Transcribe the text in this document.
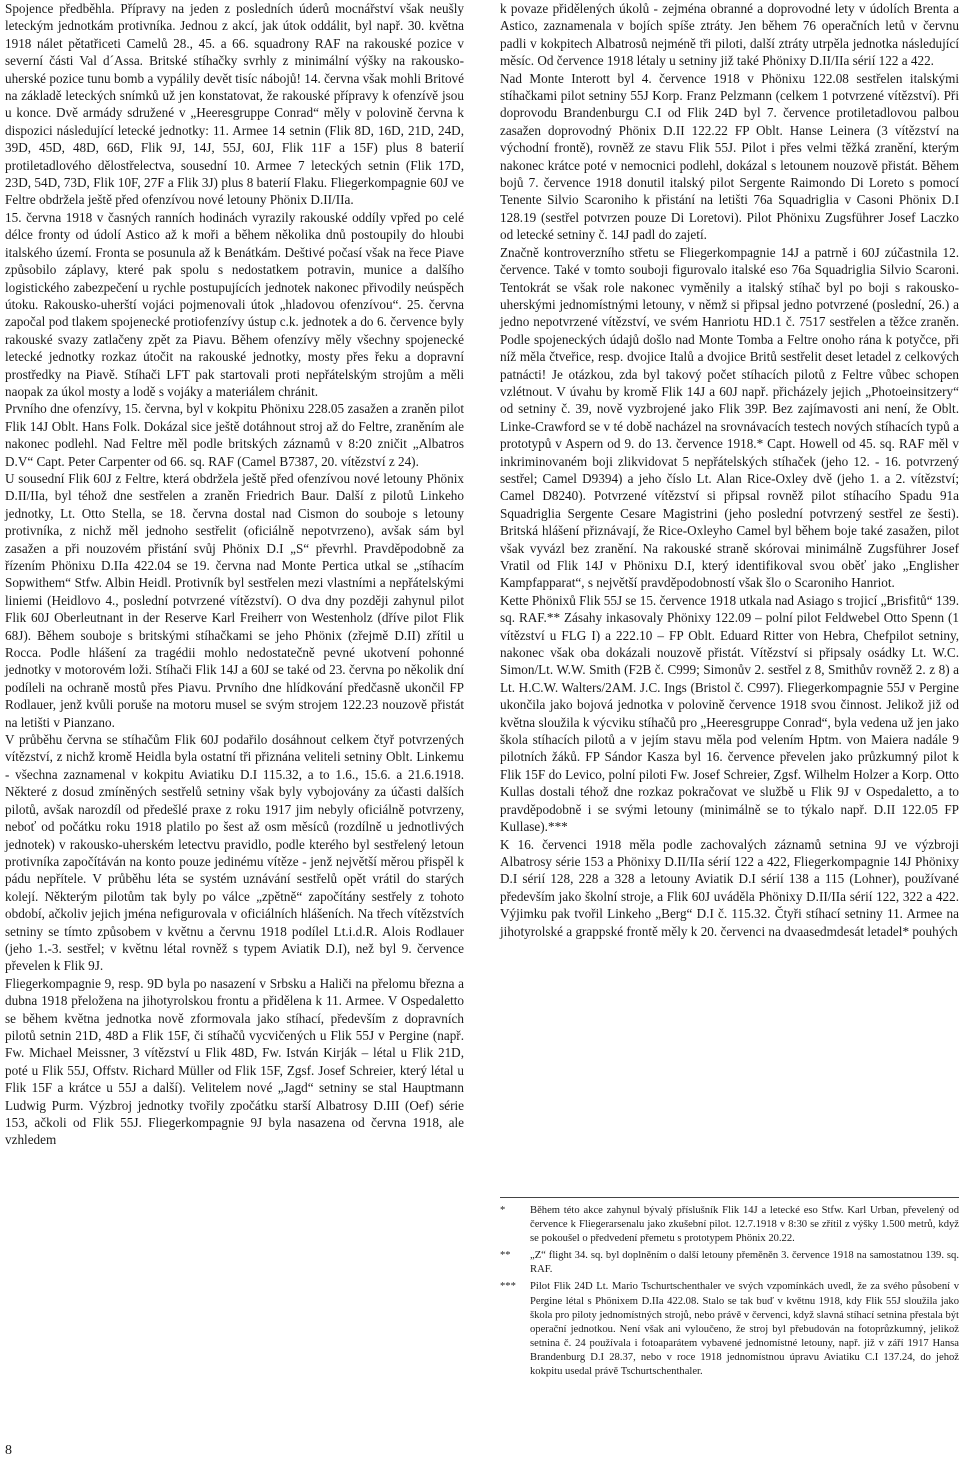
Spojence předběhla. Přípravy na jeden z posledních úderů mocnářství však neušly leteckým jednotkám protivníka. Jednou z akcí, jak útok oddálit, byl např. 30. května 1918 nálet pětatřiceti Camelů 28., 45. a 66. squadrony RAF na rakouské pozice v severní části Val d´Assa. Britské stíhačky svrhly z minimální výšky na rakousko-uherské pozice tunu bomb a vypálily devět tisíc nábojů! 14. června však mohli Britové na základě leteckých snímků už jen konstatovat, že rakouské přípravy k ofenzívě jsou u konce. Dvě armády sdružené v „Heeresgruppe Conrad“ měly v polovině června k dispozici následující letecké jednotky: 11. Armee 14 setnin (Flik 8D, 16D, 21D, 24D, 39D, 45D, 48D, 66D, Flik 9J, 14J, 55J, 60J, Flik 11F a 15F) plus 8 baterií protiletadlového dělostřelectva, sousední 10. Armee 7 leteckých setnin (Flik 17D, 23D, 54D, 73D, Flik 10F, 27F a Flik 3J) plus 8 baterií Flaku. Fliegerkompagnie 60J ve Feltre obdržela ještě před ofenzívou nové letouny Phönix D.II/IIa.

15. června 1918 v časných ranních hodinách vyrazily rakouské oddíly vpřed po celé délce fronty od údolí Astico až k moři a během několika dnů postoupily do hloubi italského území. Fronta se posunula až k Benátkám. Deštivé počasí však na řece Piave způsobilo záplavy, které pak spolu s nedostatkem potravin, munice a dalšího logistického zabezpečení u rychle postupujících jednotek nakonec přivodily neúspěch útoku. Rakousko-uherští vojáci pojmenovali útok „hladovou ofenzívou“. 25. června započal pod tlakem spojenecké protiofenzívy ústup c.k. jednotek a do 6. července byly rakouské svazy zatlačeny zpět za Piavu. Během ofenzívy měly všechny spojenecké letecké jednotky rozkaz útočit na rakouské jednotky, mosty přes řeku a dopravní prostředky na Piavě. Stíhači LFT pak startovali proti nepřátelským strojům a měli naopak za úkol mosty a lodě s vojáky a materiálem chránit.

Prvního dne ofenzívy, 15. června, byl v kokpitu Phönixu 228.05 zasažen a zraněn pilot Flik 14J Oblt. Hans Folk. Dokázal sice ještě dotáhnout stroj až do Feltre, zraněním ale nakonec podlehl. Nad Feltre měl podle britských záznamů v 8:20 zničit „Albatros D.V“ Capt. Peter Carpenter od 66. sq. RAF (Camel B7387, 20. vítězství z 24).

U sousední Flik 60J z Feltre, která obdržela ještě před ofenzívou nové letouny Phönix D.II/IIa, byl téhož dne sestřelen a zraněn Friedrich Baur. Další z pilotů Linkeho jednotky, Lt. Otto Stella, se 18. června dostal nad Cismon do souboje s letouny protivníka, z nichž měl jednoho sestřelit (oficiálně nepotvrzeno), avšak sám byl zasažen a při nouzovém přistání svůj Phönix D.I „S“ převrhl. Pravděpodobně za řízením Phönixu D.IIa 422.04 se 19. června nad Monte Pertica utkal se „stíhacím Sopwithem“ Stfw. Albin Heidl. Protivník byl sestřelen mezi vlastními a nepřátelskými liniemi (Heidlovo 4., poslední potvrzené vítězství). O dva dny později zahynul pilot Flik 60J Oberleutnant in der Reserve Karl Freiherr von Westenholz (dříve pilot Flik 68J). Během souboje s britskými stíhačkami se jeho Phönix (zřejmě D.II) zřítil u Rocca. Podle hlášení za tragédii mohlo nedostatečně pevné ukotvení pohonné jednotky v motorovém loži. Stíhači Flik 14J a 60J se také od 23. června po několik dní podíleli na ochraně mostů přes Piavu. Prvního dne hlídkování předčasně ukončil FP Rodlauer, jenž kvůli poruše na motoru musel se svým strojem 122.23 nouzově přistát na letišti v Pianzano.

V průběhu června se stíhačům Flik 60J podařilo dosáhnout celkem čtyř potvrzených vítězství, z nichž kromě Heidla byla ostatní tři přiznána veliteli setniny Oblt. Linkemu - všechna zaznamenal v kokpitu Aviatiku D.I 115.32, a to 1.6., 15.6. a 21.6.1918. Některé z dosud zmíněných sestřelů setniny však byly vybojovány za účasti dalších pilotů, avšak narozdíl od předešlé praxe z roku 1917 jim nebyly oficiálně potvrzeny, neboť od počátku roku 1918 platilo po šest až osm měsíců (rozdílně u jednotlivých jednotek) v rakousko-uherském letectvu pravidlo, podle kterého byl sestřelený letoun protivníka započítáván na konto pouze jedinému vítěze - jenž největší měrou přispěl k pádu nepřítele. V průběhu léta se systém uznávání sestřelů opět vrátil do starých kolejí. Některým pilotům tak byly po válce „zpětně“ započítány sestřely z tohoto období, ačkoliv jejich jména nefigurovala v oficiálních hlášeních. Na třech vítězstvích setniny se tímto způsobem v květnu a červnu 1918 podílel Lt.i.d.R. Alois Rodlauer (jeho 1.-3. sestřel; v květnu létal rovněž s typem Aviatik D.I), než byl 9. července převelen k Flik 9J.

Fliegerkompagnie 9, resp. 9D byla po nasazení v Srbsku a Haliči na přelomu března a dubna 1918 přeložena na jihotyrolskou frontu a přidělena k 11. Armee. V Ospedaletto se během května jednotka nově zformovala jako stíhací, především z dopravních pilotů setnin 21D, 48D a Flik 15F, či stíhačů vycvičených u Flik 55J v Pergine (např. Fw. Michael Meissner, 3 vítězství u Flik 48D, Fw. István Kirják – létal u Flik 21D, poté u Flik 55J, Offstv. Richard Müller od Flik 15F, Zgsf. Josef Schreier, který létal u Flik 15F a krátce u 55J a další). Velitelem nové „Jagd“ setniny se stal Hauptmann Ludwig Purm. Výzbroj jednotky tvořily zpočátku starší Albatrosy D.III (Oef) série 153, ačkoli od Flik 55J. Fliegerkompagnie 9J byla nasazena od června 1918, ale vzhledem

k povaze přidělených úkolů - zejména obranné a doprovodné lety v údolích Brenta a Astico, zaznamenala v bojích spíše ztráty. Jen během 76 operačních letů v červnu padli v kokpitech Albatrosů nejméně tři piloti, další ztráty utrpěla jednotka následující měsíc. Od července 1918 létaly u setniny již také Phönixy D.II/IIa sérií 122 a 422.

Nad Monte Interott byl 4. července 1918 v Phönixu 122.08 sestřelen italskými stíhačkami pilot setniny 55J Korp. Franz Pelzmann (celkem 1 potvrzené vítězství). Při doprovodu Brandenburgu C.I od Flik 24D byl 7. července protiletadlovou palbou zasažen doprovodný Phönix D.II 122.22 FP Oblt. Hanse Leinera (3 vítězství na východní frontě), rovněž ze stavu Flik 55J. Pilot i přes velmi těžká zranění, kterým nakonec krátce poté v nemocnici podlehl, dokázal s letounem nouzově přistát. Během bojů 7. července 1918 donutil italský pilot Sergente Raimondo Di Loreto s pomocí Tenente Silvio Scaroniho k přistání na letišti 76a Squadriglia v Casoni Phönix D.I 128.19 (sestřel potvrzen pouze Di Loretovi). Pilot Phönixu Zugsführer Josef Laczko od letecké setniny č. 14J padl do zajetí.

Značně kontroverzního střetu se Fliegerkompagnie 14J a patrně i 60J zúčastnila 12. července. Také v tomto souboji figurovalo italské eso 76a Squadriglia Silvio Scaroni. Tentokrát se však role nakonec vyměnily a italský stíhač byl po boji s rakousko-uherskými jednomístnými letouny, v němž si připsal jedno potvrzené (poslední, 26.) a jedno nepotvrzené vítězství, ve svém Hanriotu HD.1 č. 7517 sestřelen a těžce zraněn. Podle spojeneckých údajů došlo nad Monte Tomba a Feltre onoho rána k potyčce, při níž měla čtveřice, resp. dvojice Italů a dvojice Britů sestřelit deset letadel z celkových patnácti! Je otázkou, zda byl takový počet stíhacích pilotů z Feltre vůbec schopen vzlétnout. V úvahu by kromě Flik 14J a 60J např. přicházely jejich „Photoeinsitzery“ od setniny č. 39, nově vyzbrojené jako Flik 39P. Bez zajímavosti ani není, že Oblt. Linke-Crawford se v té době nacházel na srovnávacích testech nových stíhacích typů a prototypů v Aspern od 9. do 13. července 1918.* Capt. Howell od 45. sq. RAF měl v inkriminovaném boji zlikvidovat 5 nepřátelských stíhaček (jeho 12. - 16. potvrzený sestřel; Camel D9394) a jeho číslo Lt. Alan Rice-Oxley dvě (jeho 1. a 2. vítězství; Camel D8240). Potvrzené vítězství si připsal rovněž pilot stíhacího Spadu 91a Squadriglia Sergente Cesare Magistrini (jeho poslední potvrzený sestřel ze šesti). Britská hlášení přiznávají, že Rice-Oxleyho Camel byl během boje také zasažen, pilot však vyvázl bez zranění. Na rakouské straně skórovai minimálně Zugsführer Josef Vratil od Flik 14J v Phönixu D.I, který identifikoval svou oběť jako „Englisher Kampfapparat“, s největší pravděpodobností však šlo o Scaroniho Hanriot.

Kette Phönixů Flik 55J se 15. července 1918 utkala nad Asiago s trojicí „Brisfitů“ 139. sq. RAF.** Zásahy inkasovaly Phönixy 122.09 – polní pilot Feldwebel Otto Spenn (1 vítězství u FLG I) a 222.10 – FP Oblt. Eduard Ritter von Hebra, Chefpilot setniny, nakonec však oba dokázali nouzově přistát. Vítězství si připsaly osádky Lt. W.C. Simon/Lt. W.W. Smith (F2B č. C999; Simonův 2. sestřel z 8, Smithův rovněž 2. z 8) a Lt. H.C.W. Walters/2AM. J.C. Ings (Bristol č. C997). Fliegerkompagnie 55J v Pergine ukončila jako bojová jednotka v polovině července 1918 svou činnost. Jelikož již od května sloužila k výcviku stíhačů pro „Heeresgruppe Conrad“, byla vedena už jen jako škola stíhacích pilotů a v jejím stavu měla pod velením Hptm. von Maiera nadále 9 pilotních žáků. FP Sándor Kasza byl 16. července převelen jako průzkumný pilot k Flik 15F do Levico, polní piloti Fw. Josef Schreier, Zgsf. Wilhelm Holzer a Korp. Otto Kullas dostali téhož dne rozkaz pokračovat ve službě u Flik 9J v Ospedaletto, a to pravděpodobně i se svými letouny (minimálně se to týkalo např. D.II 122.05 FP Kullase).***

K 16. červenci 1918 měla podle zachovalých záznamů setnina 9J ve výzbroji Albatrosy série 153 a Phönixy D.II/IIa sérií 122 a 422, Fliegerkompagnie 14J Phönixy D.I sérií 128, 228 a 328 a letouny Aviatik D.I sérií 138 a 115 (Lohner), používané především jako školní stroje, a Flik 60J uváděla Phönixy D.II/IIa sérií 122, 322 a 422. Výjimku pak tvořil Linkeho „Berg“ D.I č. 115.32. Čtyři stíhací setniny 11. Armee na jihotyrolské a grappské frontě měly k 20. červenci na dvaasedmdesát letadel* pouhých

*	Během této akce zahynul bývalý příslušník Flik 14J a letecké eso Stfw. Karl Urban, převelený od července k Fliegerarsenalu jako zkušební pilot. 12.7.1918 v 8:30 se zřítil z výšky 1.500 metrů, když se pokoušel o předvedení přemetu s prototypem Phönix 20.22.
**	„Z“ flight 34. sq. byl doplněním o další letouny přeměněn 3. července 1918 na samostatnou 139. sq. RAF.
***	Pilot Flik 24D Lt. Mario Tschurtschenthaler ve svých vzpomínkách uvedl, že za svého působení v Pergine létal s Phönixem D.IIa 422.08. Stalo se tak buď v květnu 1918, kdy Flik 55J sloužila jako škola pro piloty jednomístných strojů, nebo právě v červenci, když slavná stíhací setnina přestala být operační jednotkou. Není však ani vyloučeno, že stroj byl přebudován na fotoprůzkumný, jelikož setnina č. 24 používala i fotoaparátem vybavené jednomístné letouny, např. již v září 1917 Hansa Brandenburg D.I 28.37, nebo v roce 1918 jednomístnou úpravu Aviatiku C.I 137.24, do jehož kokpitu usedal právě Tschurtschenthaler.
8
